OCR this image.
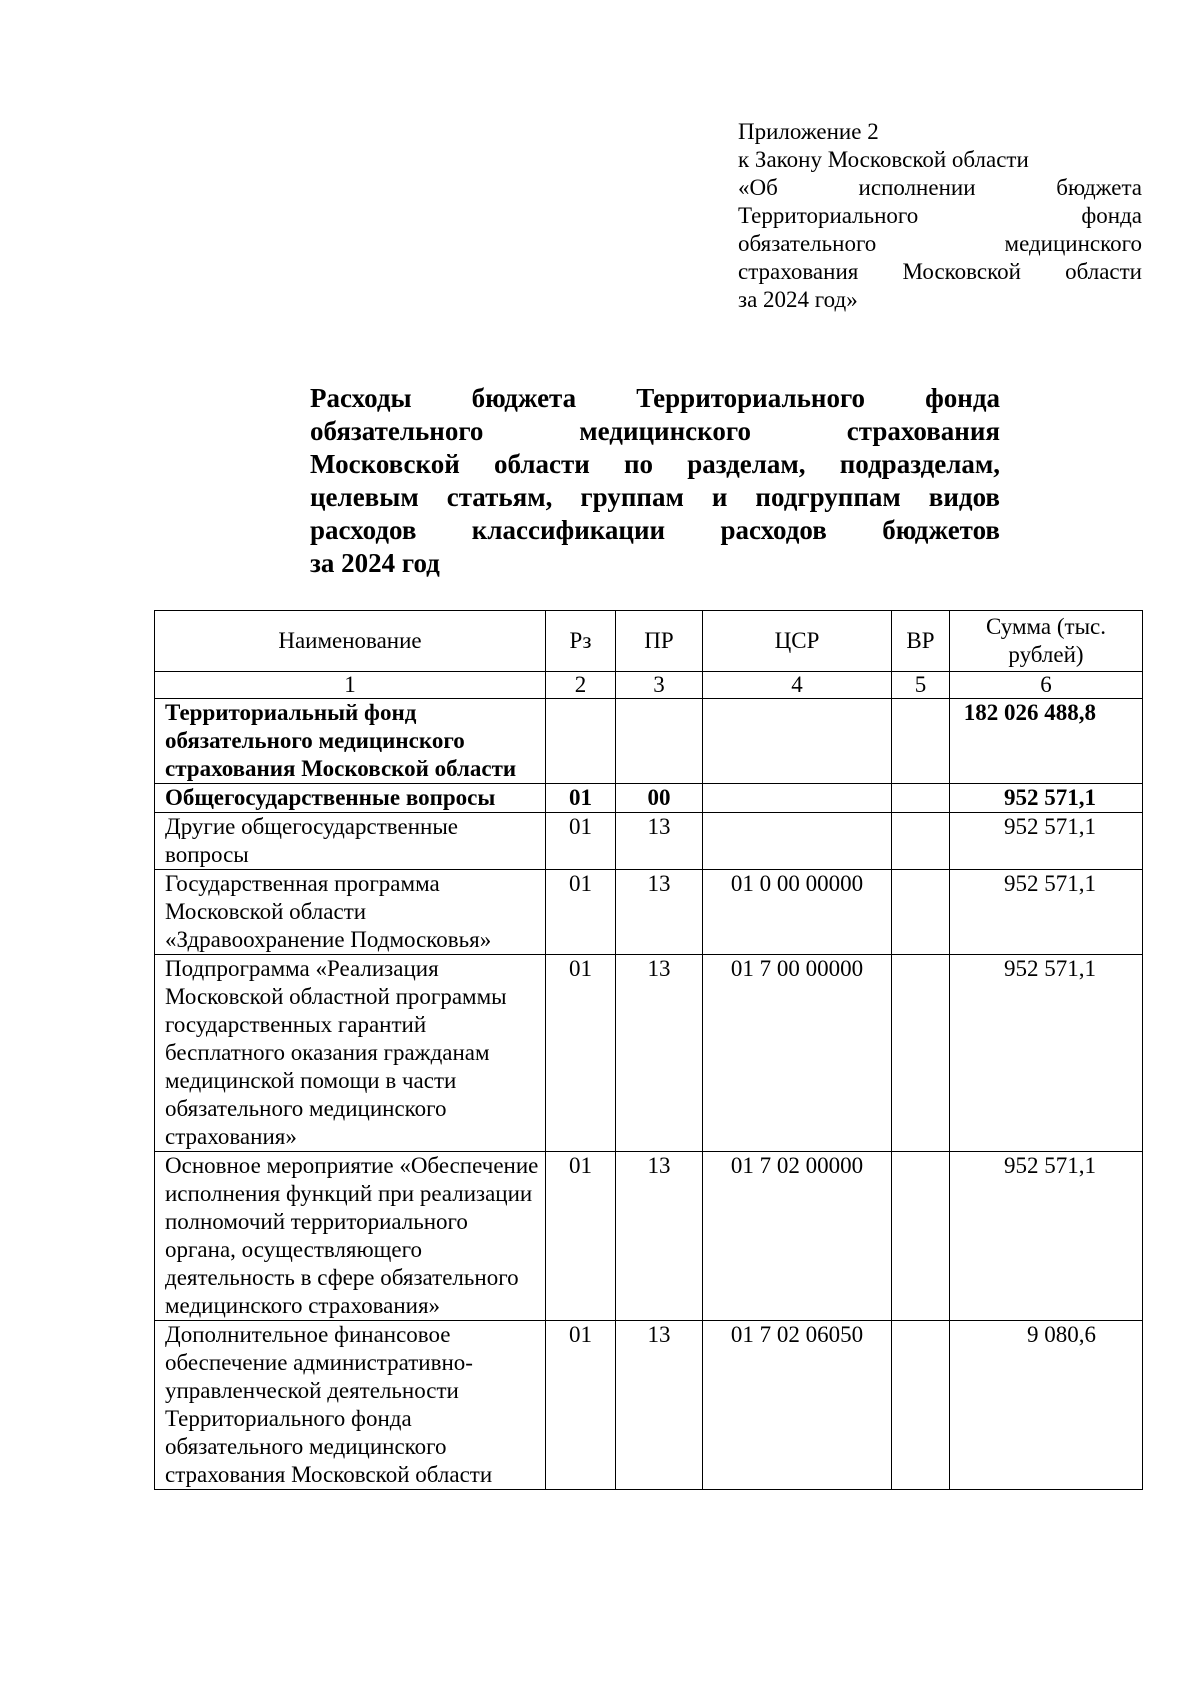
Приложение 2
к Закону Московской области
«Об исполнении бюджета
Территориального фонда
обязательного медицинского
страхования Московской области
за 2024 год»
Расходы бюджета Территориального фонда
обязательного медицинского страхования
Московской области по разделам, подразделам,
целевым статьям, группам и подгруппам видов
расходов классификации расходов бюджетов
за 2024 год
Наименование	Рз	ПР	ЦСР	ВР	Сумма (тыс. рублей)
1	2	3	4	5	6
Территориальный фонд обязательного медицинского страхования Московской области					182 026 488,8
Общегосударственные вопросы	01	00			952 571,1
Другие общегосударственные вопросы	01	13			952 571,1
Государственная программа Московской области «Здравоохранение Подмосковья»	01	13	01 0 00 00000		952 571,1
Подпрограмма «Реализация Московской областной программы государственных гарантий бесплатного оказания гражданам медицинской помощи в части обязательного медицинского страхования»	01	13	01 7 00 00000		952 571,1
Основное мероприятие «Обеспечение исполнения функций при реализации полномочий территориального органа, осуществляющего деятельность в сфере обязательного медицинского страхования»	01	13	01 7 02 00000		952 571,1
Дополнительное финансовое обеспечение административно-управленческой деятельности Территориального фонда обязательного медицинского страхования Московской области	01	13	01 7 02 06050		9 080,6
